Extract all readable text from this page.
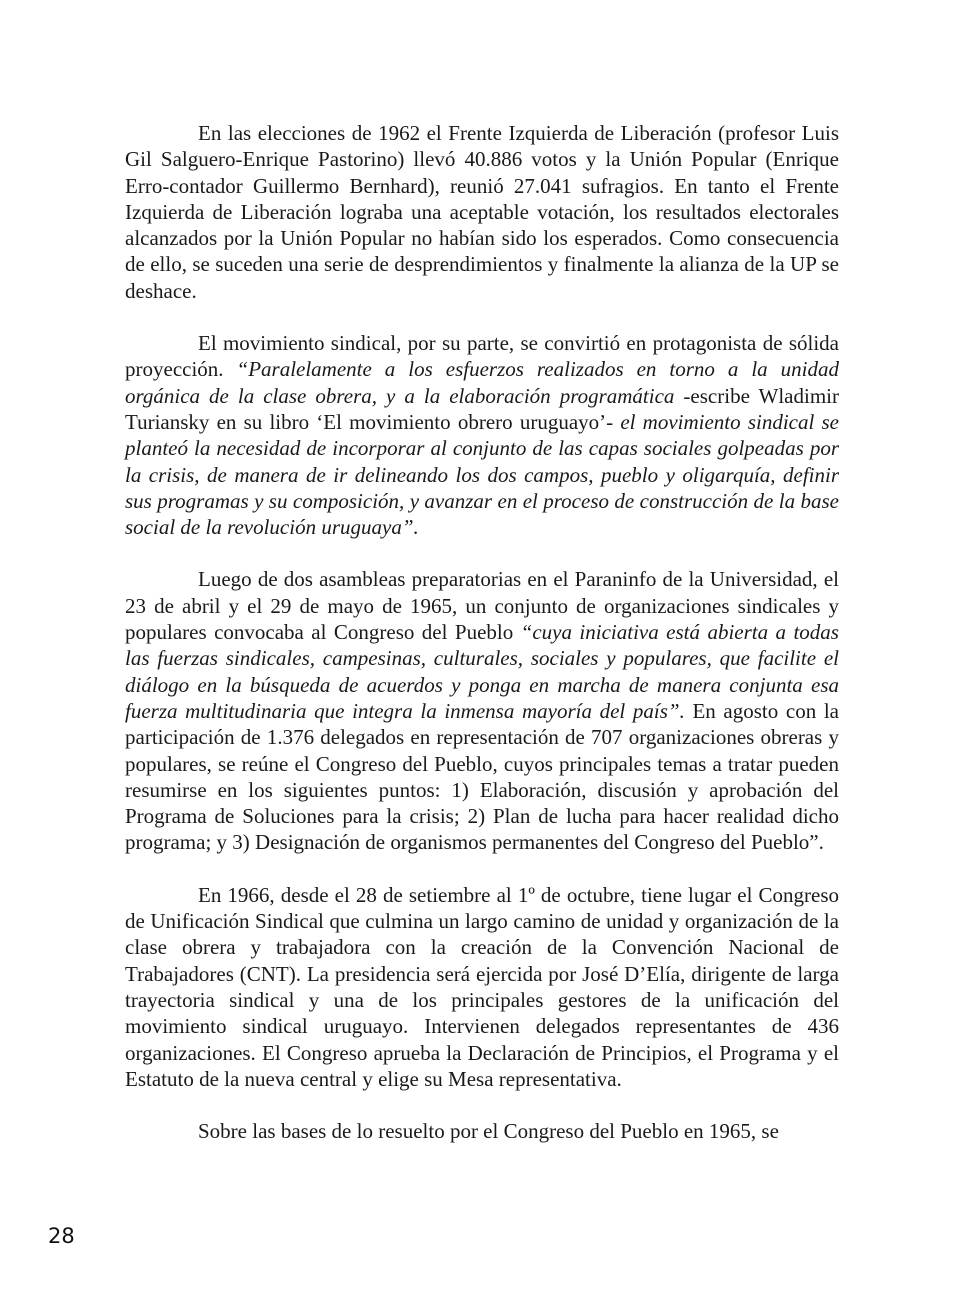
En las elecciones de 1962 el Frente Izquierda de Liberación (profesor Luis Gil Salguero-Enrique Pastorino) llevó 40.886 votos y la Unión Popular (Enrique Erro-contador Guillermo Bernhard), reunió 27.041 sufragios. En tanto el Frente Izquierda de Liberación lograba una aceptable votación, los resultados electorales alcanzados por la Unión Popular no habían sido los esperados. Como consecuencia de ello, se suceden una serie de desprendimientos y finalmente la alianza de la UP se deshace.

El movimiento sindical, por su parte, se convirtió en protagonista de sólida proyección. “Paralelamente a los esfuerzos realizados en torno a la unidad orgánica de la clase obrera, y a la elaboración programática -escribe Wladimir Turiansky en su libro ‘El movimiento obrero uruguayo’- el movimiento sindical se planteó la necesidad de incorporar al conjunto de las capas sociales golpeadas por la crisis, de manera de ir delineando los dos campos, pueblo y oligarquía, definir sus programas y su composición, y avanzar en el proceso de construcción de la base social de la revolución uruguaya”.

Luego de dos asambleas preparatorias en el Paraninfo de la Universidad, el 23 de abril y el 29 de mayo de 1965, un conjunto de organizaciones sindicales y populares convocaba al Congreso del Pueblo “cuya iniciativa está abierta a todas las fuerzas sindicales, campesinas, culturales, sociales y populares, que facilite el diálogo en la búsqueda de acuerdos y ponga en marcha de manera conjunta esa fuerza multitudinaria que integra la inmensa mayoría del país”. En agosto con la participación de 1.376 delegados en representación de 707 organizaciones obreras y populares, se reúne el Congreso del Pueblo, cuyos principales temas a tratar pueden resumirse en los siguientes puntos: 1) Elaboración, discusión y aprobación del Programa de Soluciones para la crisis; 2) Plan de lucha para hacer realidad dicho programa; y 3) Designación de organismos permanentes del Congreso del Pueblo”.

En 1966, desde el 28 de setiembre al 1º de octubre, tiene lugar el Congreso de Unificación Sindical que culmina un largo camino de unidad y organización de la clase obrera y trabajadora con la creación de la Convención Nacional de Trabajadores (CNT). La presidencia será ejercida por José D’Elía, dirigente de larga trayectoria sindical y una de los principales gestores de la unificación del movimiento sindical uruguayo. Intervienen delegados representantes de 436 organizaciones. El Congreso aprueba la Declaración de Principios, el Programa y el Estatuto de la nueva central y elige su Mesa representativa.

Sobre las bases de lo resuelto por el Congreso del Pueblo en 1965, se

28
